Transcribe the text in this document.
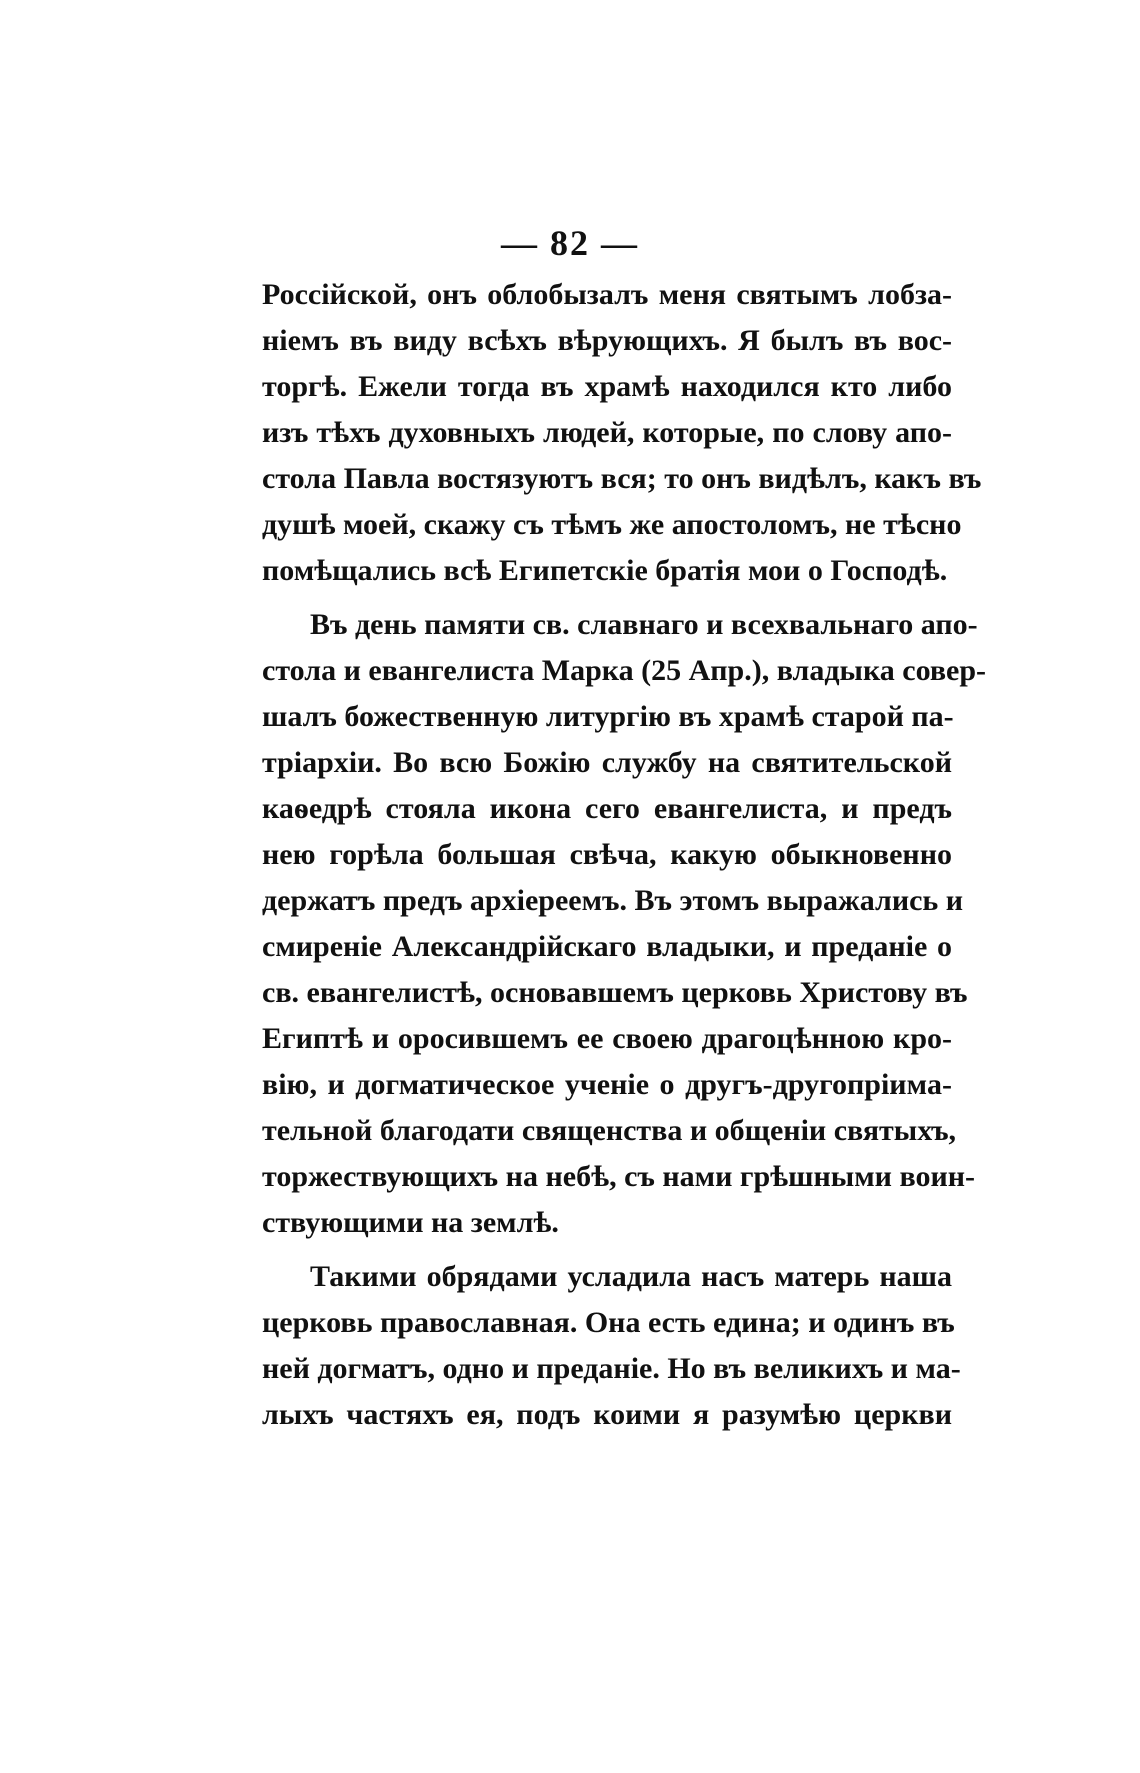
— 82 —
Россійской, онъ облобызалъ меня святымъ лобза-
ніемъ въ виду всѣхъ вѣрующихъ. Я былъ въ вос-
торгѣ. Ежели тогда въ храмѣ находился кто либо
изъ тѣхъ духовныхъ людей, которые, по слову апо-
стола Павла востязуютъ вся; то онъ видѣлъ, какъ въ
душѣ моей, скажу съ тѣмъ же апостоломъ, не тѣсно
помѣщались всѣ Египетскіе братія мои о Господѣ.
Въ день памяти св. славнаго и всехвальнаго апо-
стола и евангелиста Марка (25 Апр.), владыка совер-
шалъ божественную литургію въ храмѣ старой па-
тріархіи. Во всю Божію службу на святительской
каѳедрѣ стояла икона сего евангелиста, и предъ
нею горѣла большая свѣча, какую обыкновенно
держатъ предъ архіереемъ. Въ этомъ выражались и
смиреніе Александрійскаго владыки, и преданіе о
св. евангелистѣ, основавшемъ церковь Христову въ
Египтѣ и оросившемъ ее своею драгоцѣнною кро-
вію, и догматическое ученіе о другъ-другопріимa-
тельной благодати священства и общеніи святыхъ,
торжествующихъ на небѣ, съ нами грѣшными воин-
ствующими на землѣ.
Такими обрядами усладила насъ матерь наша
церковь православная. Она есть едина; и одинъ въ
ней догматъ, одно и преданіе. Но въ великихъ и ма-
лыхъ частяхъ ея, подъ коими я разумѣю церкви
